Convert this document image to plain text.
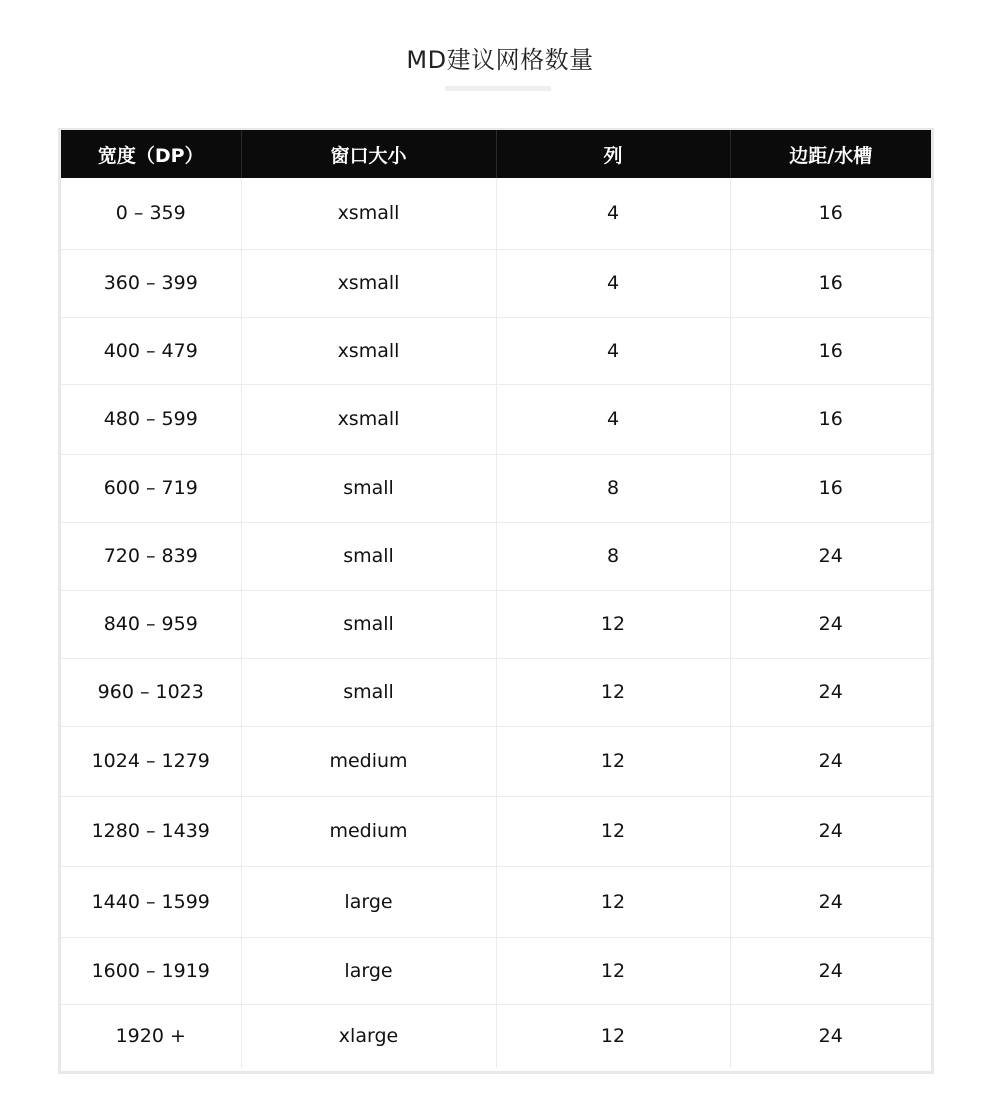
MD建议网格数量
宽度（DP）	窗口大小	列	边距/水槽
0 – 359	xsmall	4	16
360 – 399	xsmall	4	16
400 – 479	xsmall	4	16
480 – 599	xsmall	4	16
600 – 719	small	8	16
720 – 839	small	8	24
840 – 959	small	12	24
960 – 1023	small	12	24
1024 – 1279	medium	12	24
1280 – 1439	medium	12	24
1440 – 1599	large	12	24
1600 – 1919	large	12	24
1920 +	xlarge	12	24
